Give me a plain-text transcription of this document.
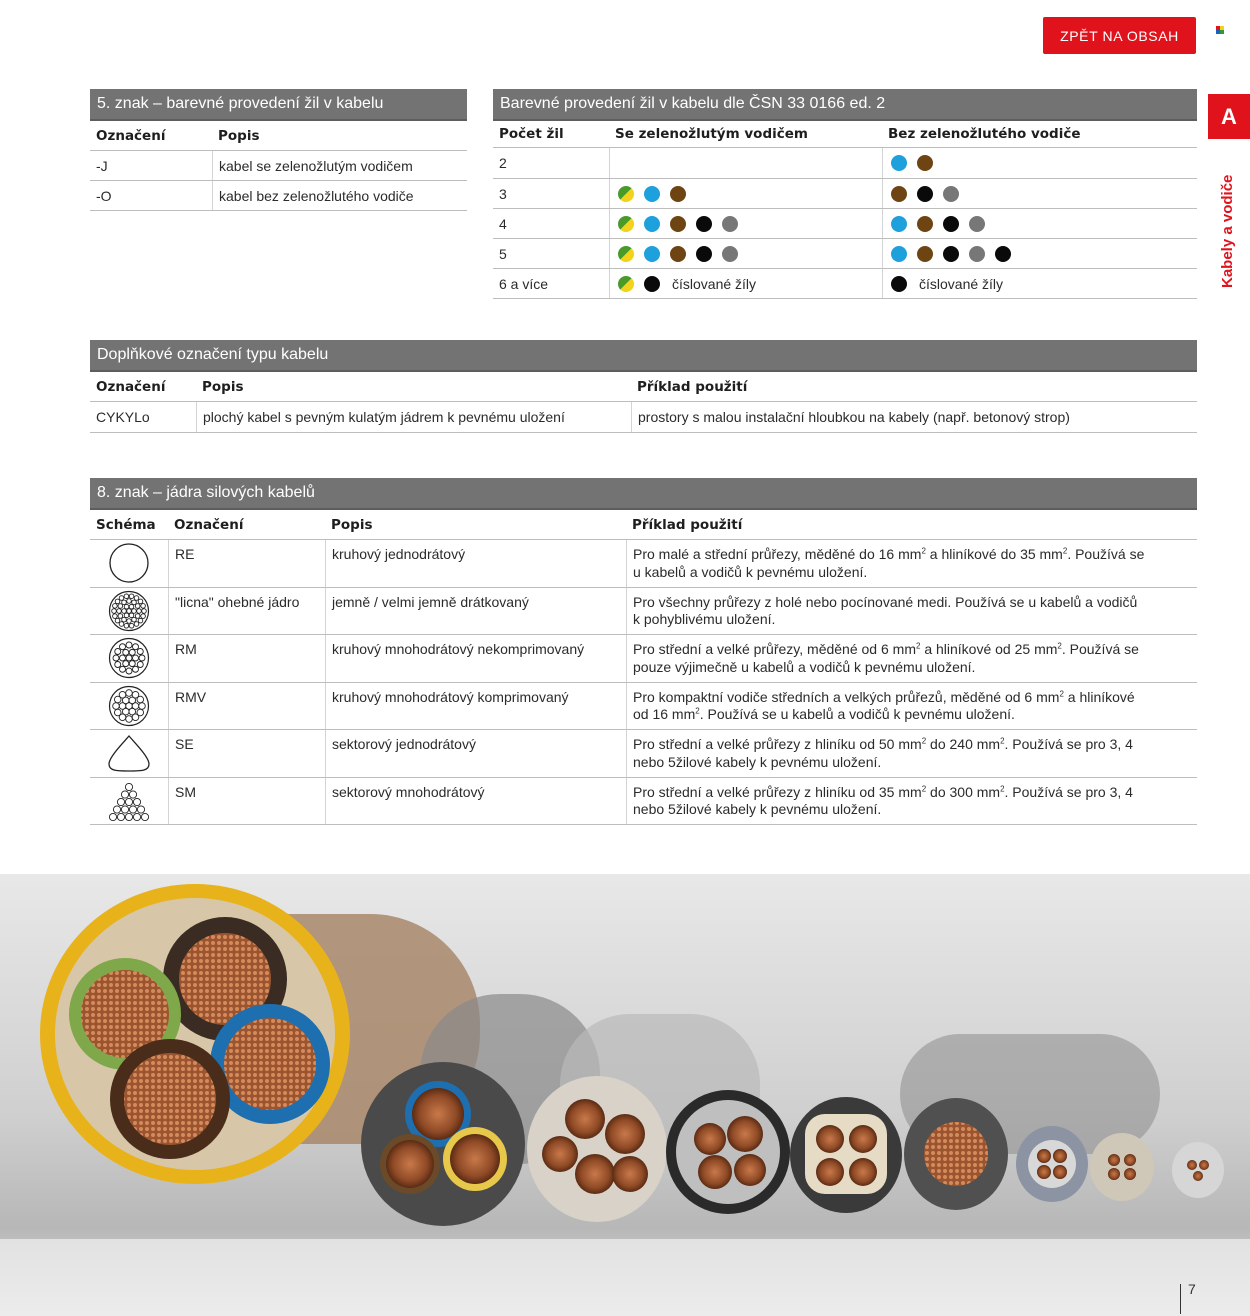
ZPĚT NA OBSAH
A
Kabely a vodiče
5. znak – barevné provedení žil v kabelu
Označení	Popis
-J	kabel se zelenožlutým vodičem
-O	kabel bez zelenožlutého vodiče
Barevné provedení žil v kabelu dle ČSN 33 0166 ed. 2
Počet žil	Se zelenožlutým vodičem	Bez zelenožlutého vodiče
2
3
4
5
6 a více	číslované žíly	číslované žíly
Doplňkové označení typu kabelu
Označení	Popis	Příklad použití
CYKYLo	plochý kabel s pevným kulatým jádrem k pevnému uložení	prostory s malou instalační hloubkou na kabely (např. betonový strop)
8. znak – jádra silových kabelů
Schéma	Označení	Popis	Příklad použití
RE	kruhový jednodrátový	Pro malé a střední průřezy, měděné do 16 $mm^2$ a hliníkové do 35 $mm^2$. Používá se
u kabelů a vodičů k pevnému uložení.
"licna" ohebné jádro	jemně / velmi jemně drátkovaný	Pro všechny průřezy z holé nebo pocínované medi. Používá se u kabelů a vodičů
k pohyblivému uložení.
RM	kruhový mnohodrátový nekomprimovaný	Pro střední a velké průřezy, měděné od 6 $mm^2$ a hliníkové od 25 $mm^2$. Používá se
pouze výjimečně u kabelů a vodičů k pevnému uložení.
RMV	kruhový mnohodrátový komprimovaný	Pro kompaktní vodiče středních a velkých průřezů, měděné od 6 $mm^2$ a hliníkové
od 16 $mm^2$. Používá se u kabelů a vodičů k pevnému uložení.
SE	sektorový jednodrátový	Pro střední a velké průřezy z hliníku od 50 $mm^2$ do 240 $mm^2$. Používá se pro 3, 4
nebo 5žilové kabely k pevnému uložení.
SM	sektorový mnohodrátový	Pro střední a velké průřezy z hliníku od 35 $mm^2$ do 300 $mm^2$. Používá se pro 3, 4
nebo 5žilové kabely k pevnému uložení.
7
